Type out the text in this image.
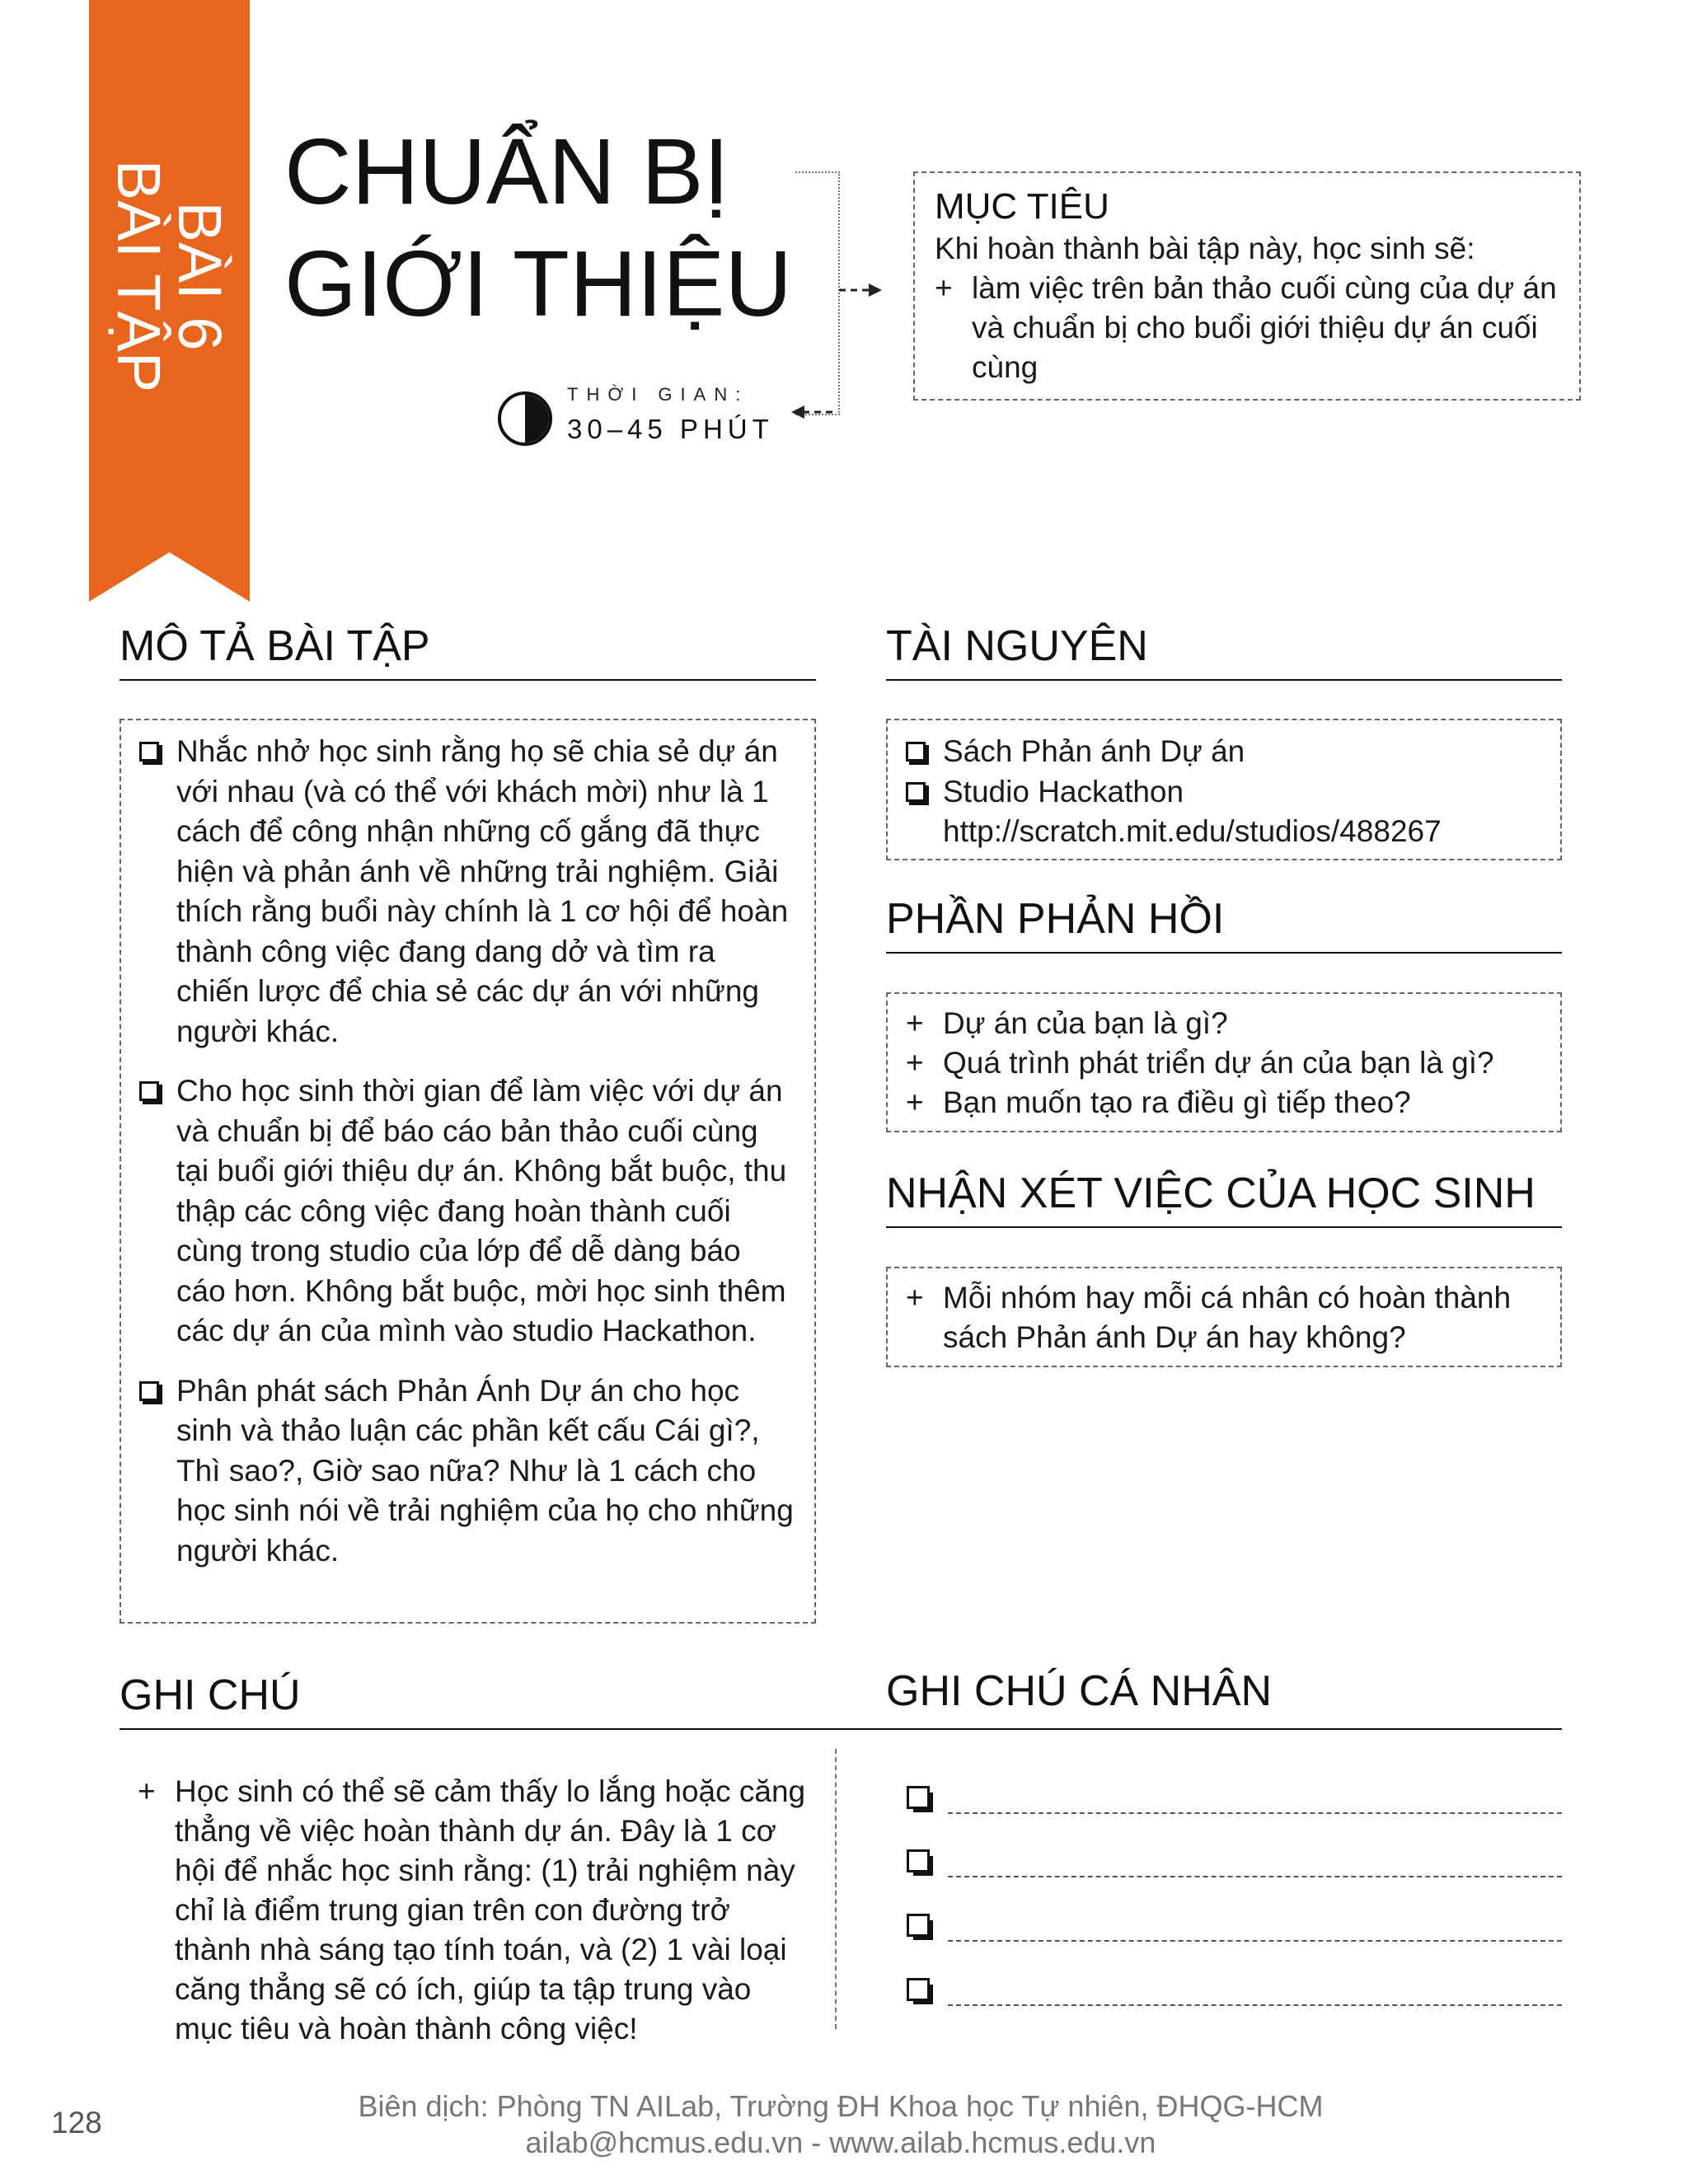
BÀI 6
BÀI TẬP CHUẨN BỊ
GIỚI THIỆU
THỜI GIAN:
30–45 PHÚT
MỤC TIÊU
Khi hoàn thành bài tập này, học sinh sẽ:
+ làm việc trên bản thảo cuối cùng của dự án và chuẩn bị cho buổi giới thiệu dự án cuối cùng
MÔ TẢ BÀI TẬP
Nhắc nhở học sinh rằng họ sẽ chia sẻ dự án với nhau (và có thể với khách mời) như là 1 cách để công nhận những cố gắng đã thực hiện và phản ánh về những trải nghiệm. Giải thích rằng buổi này chính là 1 cơ hội để hoàn thành công việc đang dang dở và tìm ra chiến lược để chia sẻ các dự án với những người khác.
Cho học sinh thời gian để làm việc với dự án và chuẩn bị để báo cáo bản thảo cuối cùng tại buổi giới thiệu dự án. Không bắt buộc, thu thập các công việc đang hoàn thành cuối cùng trong studio của lớp để dễ dàng báo cáo hơn. Không bắt buộc, mời học sinh thêm các dự án của mình vào studio Hackathon.
Phân phát sách Phản Ánh Dự án cho học sinh và thảo luận các phần kết cấu Cái gì?, Thì sao?, Giờ sao nữa? Như là 1 cách cho học sinh nói về trải nghiệm của họ cho những người khác.
TÀI NGUYÊN
Sách Phản ánh Dự án
Studio Hackathon
http://scratch.mit.edu/studios/488267
PHẦN PHẢN HỒI
+ Dự án của bạn là gì?
+ Quá trình phát triển dự án của bạn là gì?
+ Bạn muốn tạo ra điều gì tiếp theo?
NHẬN XÉT VIỆC CỦA HỌC SINH
+ Mỗi nhóm hay mỗi cá nhân có hoàn thành sách Phản ánh Dự án hay không?
GHI CHÚ
+ Học sinh có thể sẽ cảm thấy lo lắng hoặc căng thẳng về việc hoàn thành dự án. Đây là 1 cơ hội để nhắc học sinh rằng: (1) trải nghiệm này chỉ là điểm trung gian trên con đường trở thành nhà sáng tạo tính toán, và (2) 1 vài loại căng thẳng sẽ có ích, giúp ta tập trung vào mục tiêu và hoàn thành công việc!
GHI CHÚ CÁ NHÂN
128	Biên dịch: Phòng TN AILab, Trường ĐH Khoa học Tự nhiên, ĐHQG-HCM
ailab@hcmus.edu.vn - www.ailab.hcmus.edu.vn
